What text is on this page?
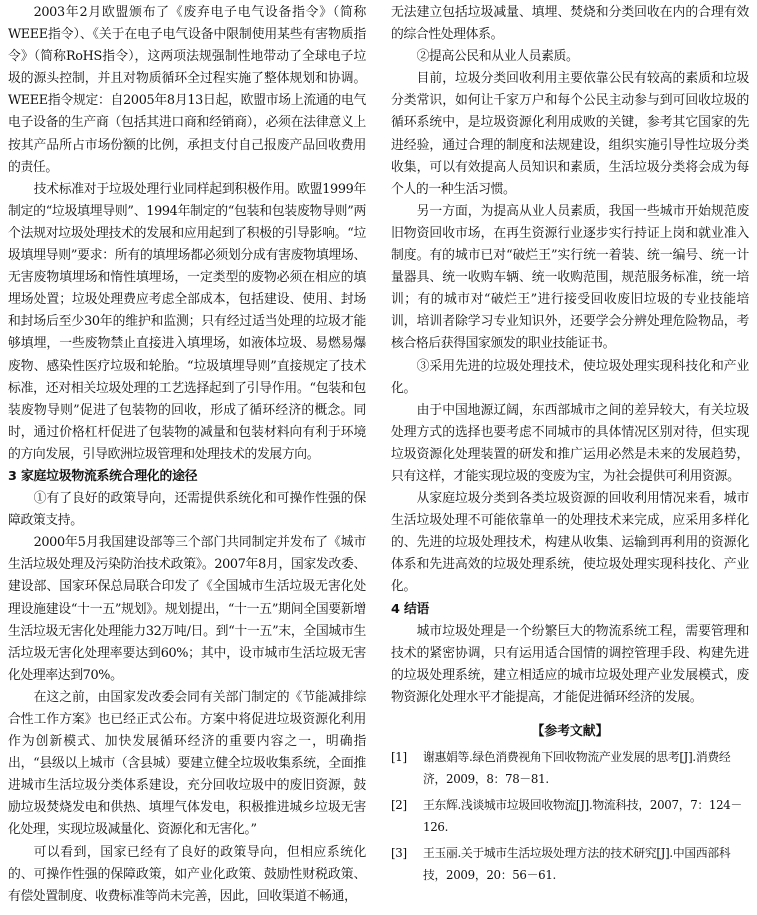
2003年2月欧盟颁布了《废弃电子电气设备指令》（简称WEEE指令）、《关于在电子电气设备中限制使用某些有害物质指令》（简称RoHS指令），这两项法规强制性地带动了全球电子垃圾的源头控制，并且对物质循环全过程实施了整体规划和协调。WEEE指令规定：自2005年8月13日起，欧盟市场上流通的电气电子设备的生产商（包括其进口商和经销商），必须在法律意义上按其产品所占市场份额的比例，承担支付自己报废产品回收费用的责任。

技术标准对于垃圾处理行业同样起到积极作用。欧盟1999年制定的“垃圾填埋导则”、1994年制定的“包装和包装废物导则”两个法规对垃圾处理技术的发展和应用起到了积极的引导影响。“垃圾填埋导则”要求：所有的填埋场都必须划分成有害废物填埋场、无害废物填埋场和惰性填埋场，一定类型的废物必须在相应的填埋场处置；垃圾处理费应考虑全部成本，包括建设、使用、封场和封场后至少30年的维护和监测；只有经过适当处理的垃圾才能够填埋，一些废物禁止直接进入填埋场，如液体垃圾、易燃易爆废物、感染性医疗垃圾和轮胎。“垃圾填埋导则”直接规定了技术标准，还对相关垃圾处理的工艺选择起到了引导作用。“包装和包装废物导则”促进了包装物的回收，形成了循环经济的概念。同时，通过价格杠杆促进了包装物的减量和包装材料向有利于环境的方向发展，引导欧洲垃圾管理和处理技术的发展方向。

3 家庭垃圾物流系统合理化的途径

①有了良好的政策导向，还需提供系统化和可操作性强的保障政策支持。

2000年5月我国建设部等三个部门共同制定并发布了《城市生活垃圾处理及污染防治技术政策》。2007年8月，国家发改委、建设部、国家环保总局联合印发了《全国城市生活垃圾无害化处理设施建设“十一五”规划》。规划提出，“十一五”期间全国要新增生活垃圾无害化处理能力32万吨/日。到“十一五”末，全国城市生活垃圾无害化处理率要达到60%；其中，设市城市生活垃圾无害化处理率达到70%。

在这之前，由国家发改委会同有关部门制定的《节能减排综合性工作方案》也已经正式公布。方案中将促进垃圾资源化利用作为创新模式、加快发展循环经济的重要内容之一，明确指出，“县级以上城市（含县城）要建立健全垃圾收集系统，全面推进城市生活垃圾分类体系建设，充分回收垃圾中的废旧资源，鼓励垃圾焚烧发电和供热、填埋气体发电，积极推进城乡垃圾无害化处理，实现垃圾减量化、资源化和无害化。”

可以看到，国家已经有了良好的政策导向，但相应系统化的、可操作性强的保障政策，如产业化政策、鼓励性财税政策、有偿处置制度、收费标准等尚未完善，因此，回收渠道不畅通，

无法建立包括垃圾减量、填埋、焚烧和分类回收在内的合理有效的综合性处理体系。

②提高公民和从业人员素质。

目前，垃圾分类回收利用主要依靠公民有较高的素质和垃圾分类常识，如何让千家万户和每个公民主动参与到可回收垃圾的循环系统中，是垃圾资源化利用成败的关键，参考其它国家的先进经验，通过合理的制度和法规建设，组织实施引导性垃圾分类收集，可以有效提高人员知识和素质，生活垃圾分类将会成为每个人的一种生活习惯。

另一方面，为提高从业人员素质，我国一些城市开始规范废旧物资回收市场，在再生资源行业逐步实行持证上岗和就业准入制度。有的城市已对“破烂王”实行统一着装、统一编号、统一计量器具、统一收购车辆、统一收购范围，规范服务标准，统一培训；有的城市对“破烂王”进行接受回收废旧垃圾的专业技能培训，培训者除学习专业知识外，还要学会分辨处理危险物品，考核合格后获得国家颁发的职业技能证书。

③采用先进的垃圾处理技术，使垃圾处理实现科技化和产业化。

由于中国地源辽阔，东西部城市之间的差异较大，有关垃圾处理方式的选择也要考虑不同城市的具体情况区别对待，但实现垃圾资源化处理装置的研发和推广运用必然是未来的发展趋势，只有这样，才能实现垃圾的变废为宝，为社会提供可利用资源。

从家庭垃圾分类到各类垃圾资源的回收利用情况来看，城市生活垃圾处理不可能依靠单一的处理技术来完成，应采用多样化的、先进的垃圾处理技术，构建从收集、运输到再利用的资源化体系和先进高效的垃圾处理系统，使垃圾处理实现科技化、产业化。

4 结语

城市垃圾处理是一个纷繁巨大的物流系统工程，需要管理和技术的紧密协调，只有运用适合国情的调控管理手段、构建先进的垃圾处理系统，建立相适应的城市垃圾处理产业发展模式，废物资源化处理水平才能提高，才能促进循环经济的发展。

【参考文献】
[1]	谢惠娟等.绿色消费视角下回收物流产业发展的思考[J].消费经济，2009，8：78－81.
[2]	王东辉.浅谈城市垃圾回收物流[J].物流科技，2007，7：124－126.
[3]	王玉丽.关于城市生活垃圾处理方法的技术研究[J].中国西部科技，2009，20：56－61.
